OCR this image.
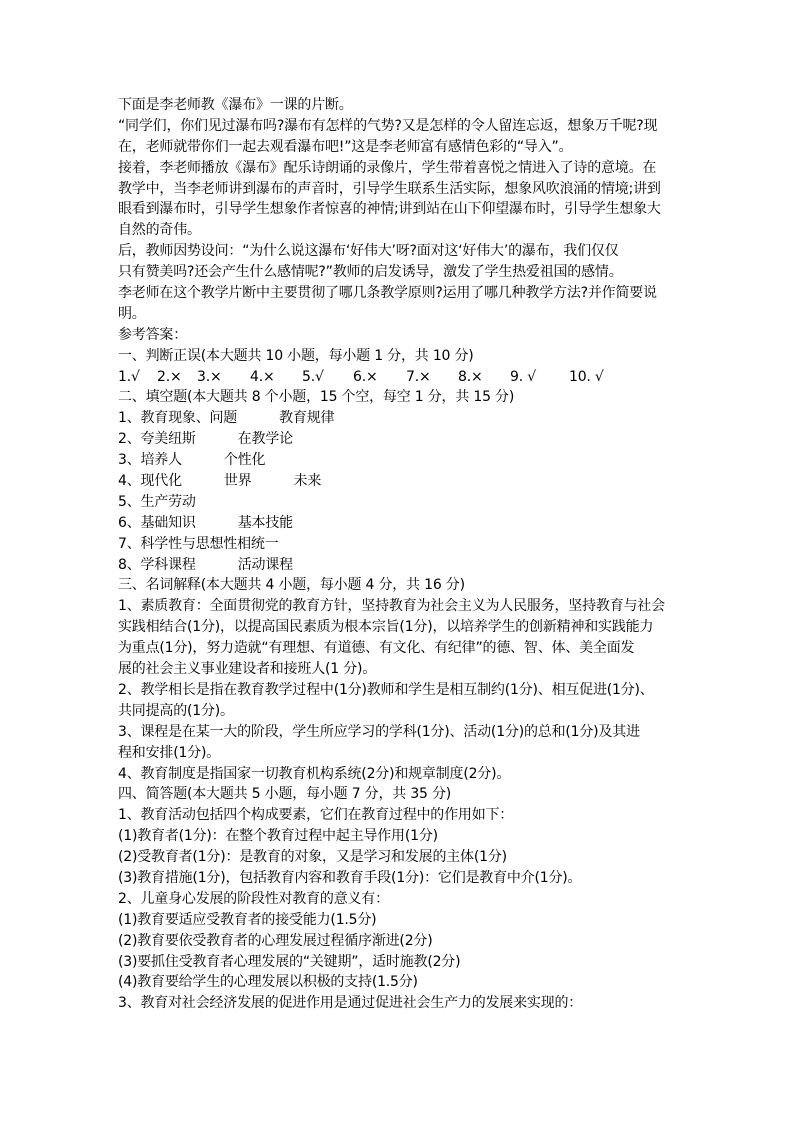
下面是李老师教《瀑布》一课的片断。
“同学们，你们见过瀑布吗?瀑布有怎样的气势?又是怎样的令人留连忘返，想象万千呢?现
在，老师就带你们一起去观看瀑布吧!”这是李老师富有感情色彩的“导入”。
接着，李老师播放《瀑布》配乐诗朗诵的录像片，学生带着喜悦之情进入了诗的意境。在
教学中，当李老师讲到瀑布的声音时，引导学生联系生活实际，想象风吹浪涌的情境;讲到
眼看到瀑布时，引导学生想象作者惊喜的神情;讲到站在山下仰望瀑布时，引导学生想象大
自然的奇伟。
后，教师因势设问：“为什么说这瀑布‘好伟大’呀?面对这‘好伟大’的瀑布，我们仅仅
只有赞美吗?还会产生什么感情呢?”教师的启发诱导，激发了学生热爱祖国的感情。
李老师在这个教学片断中主要贯彻了哪几条教学原则?运用了哪几种教学方法?并作简要说
明。
参考答案：
一、判断正误(本大题共 10 小题，每小题 1 分，共 10 分)
1.√ 2.× 3.× 4.× 5.√ 6.× 7.× 8.× 9. √ 10. √
二、填空题(本大题共 8 个小题，15 个空，每空 1 分，共 15 分)
1、教育现象、问题	教育规律
2、夸美纽斯	在教学论
3、培养人	个性化
4、现代化	世界	未来
5、生产劳动
6、基础知识	基本技能
7、科学性与思想性相统一
8、学科课程	活动课程
三、名词解释(本大题共 4 小题，每小题 4 分，共 16 分)
1、素质教育：全面贯彻党的教育方针，坚持教育为社会主义为人民服务，坚持教育与社会
实践相结合(1分)，以提高国民素质为根本宗旨(1分)，以培养学生的创新精神和实践能力
为重点(1分)，努力造就“有理想、有道德、有文化、有纪律”的德、智、体、美全面发
展的社会主义事业建设者和接班人(1 分)。
2、教学相长是指在教育教学过程中(1分)教师和学生是相互制约(1分)、相互促进(1分)、
共同提高的(1分)。
3、课程是在某一大的阶段，学生所应学习的学科(1分)、活动(1分)的总和(1分)及其进
程和安排(1分)。
4、教育制度是指国家一切教育机构系统(2分)和规章制度(2分)。
四、简答题(本大题共 5 小题，每小题 7 分，共 35 分)
1、教育活动包括四个构成要素，它们在教育过程中的作用如下：
(1)教育者(1分)：在整个教育过程中起主导作用(1分)
(2)受教育者(1分)：是教育的对象，又是学习和发展的主体(1分)
(3)教育措施(1分)，包括教育内容和教育手段(1分)：它们是教育中介(1分)。
2、儿童身心发展的阶段性对教育的意义有：
(1)教育要适应受教育者的接受能力(1.5分)
(2)教育要依受教育者的心理发展过程循序渐进(2分)
(3)要抓住受教育者心理发展的“关键期”，适时施教(2分)
(4)教育要给学生的心理发展以积极的支持(1.5分)
3、教育对社会经济发展的促进作用是通过促进社会生产力的发展来实现的：
